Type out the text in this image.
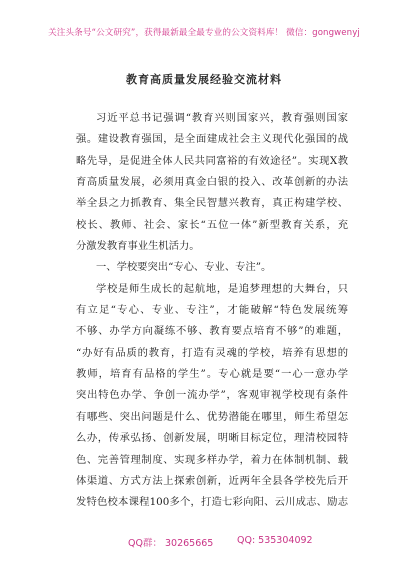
关注头条号“公文研究”，获得最新最全最专业的公文资料库！ 微信：gongwenyj
教育高质量发展经验交流材料
习近平总书记强调“教育兴则国家兴，教育强则国家
强。建设教育强国，是全面建成社会主义现代化强国的战
略先导，是促进全体人民共同富裕的有效途径”。实现X教
育高质量发展，必须用真金白银的投入、改革创新的办法
举全县之力抓教育、集全民智慧兴教育，真正构建学校、
校长、教师、社会、家长“五位一体”新型教育关系，充
分激发教育事业生机活力。
一、学校要突出“专心、专业、专注”。
学校是师生成长的起航地，是追梦理想的大舞台，只
有立足“专心、专业、专注”，才能破解“特色发展统筹
不够、办学方向凝练不够、教育要点培育不够”的难题，
“办好有品质的教育，打造有灵魂的学校，培养有思想的
教师，培育有品格的学生”。专心就是要“一心一意办学
突出特色办学、争创一流办学”，客观审视学校现有条件
有哪些、突出问题是什么、优势潜能在哪里，师生希望怎
么办，传承弘扬、创新发展，明晰目标定位，理清校园特
色、完善管理制度、实现多样办学，着力在体制机制、载
体渠道、方式方法上探索创新，近两年全县各学校先后开
发特色校本课程100多个，打造七彩向阳、云川成志、励志
QQ群： 30265665 QQ: 535304092
